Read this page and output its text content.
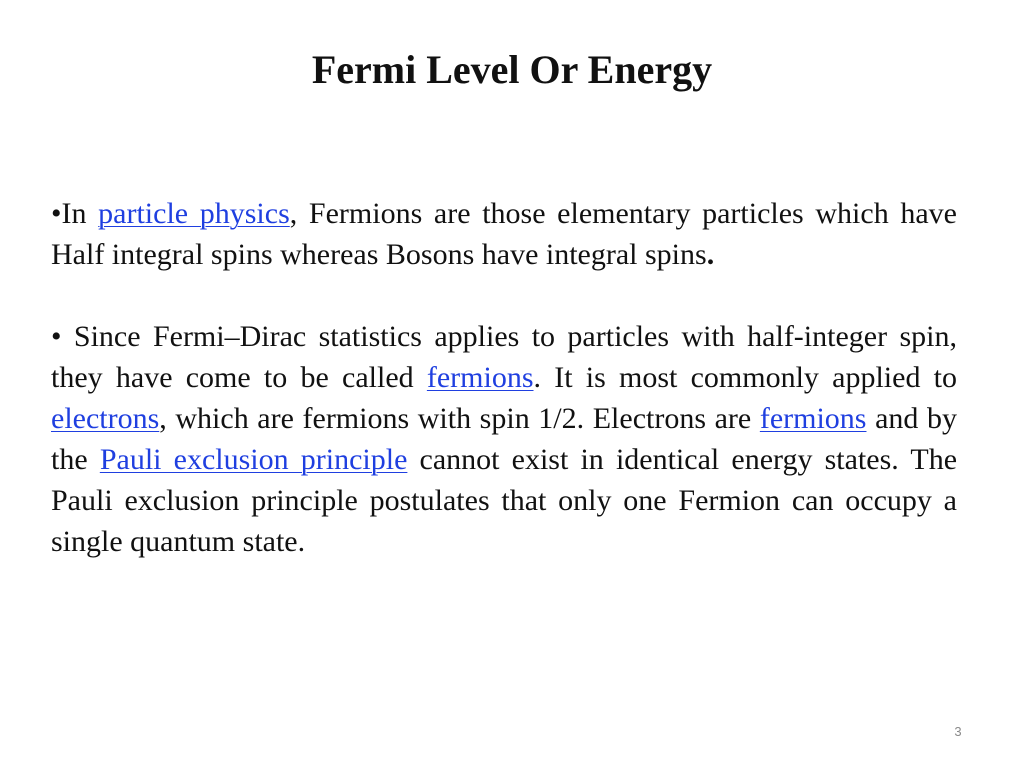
Fermi Level Or Energy

•In particle physics, Fermions are those elementary particles which have Half integral spins whereas Bosons have integral spins.

• Since Fermi–Dirac statistics applies to particles with half-integer spin, they have come to be called fermions. It is most commonly applied to electrons, which are fermions with spin 1/2. Electrons are fermions and by the Pauli exclusion principle cannot exist in identical energy states. The Pauli exclusion principle postulates that only one Fermion can occupy a single quantum state.

3
